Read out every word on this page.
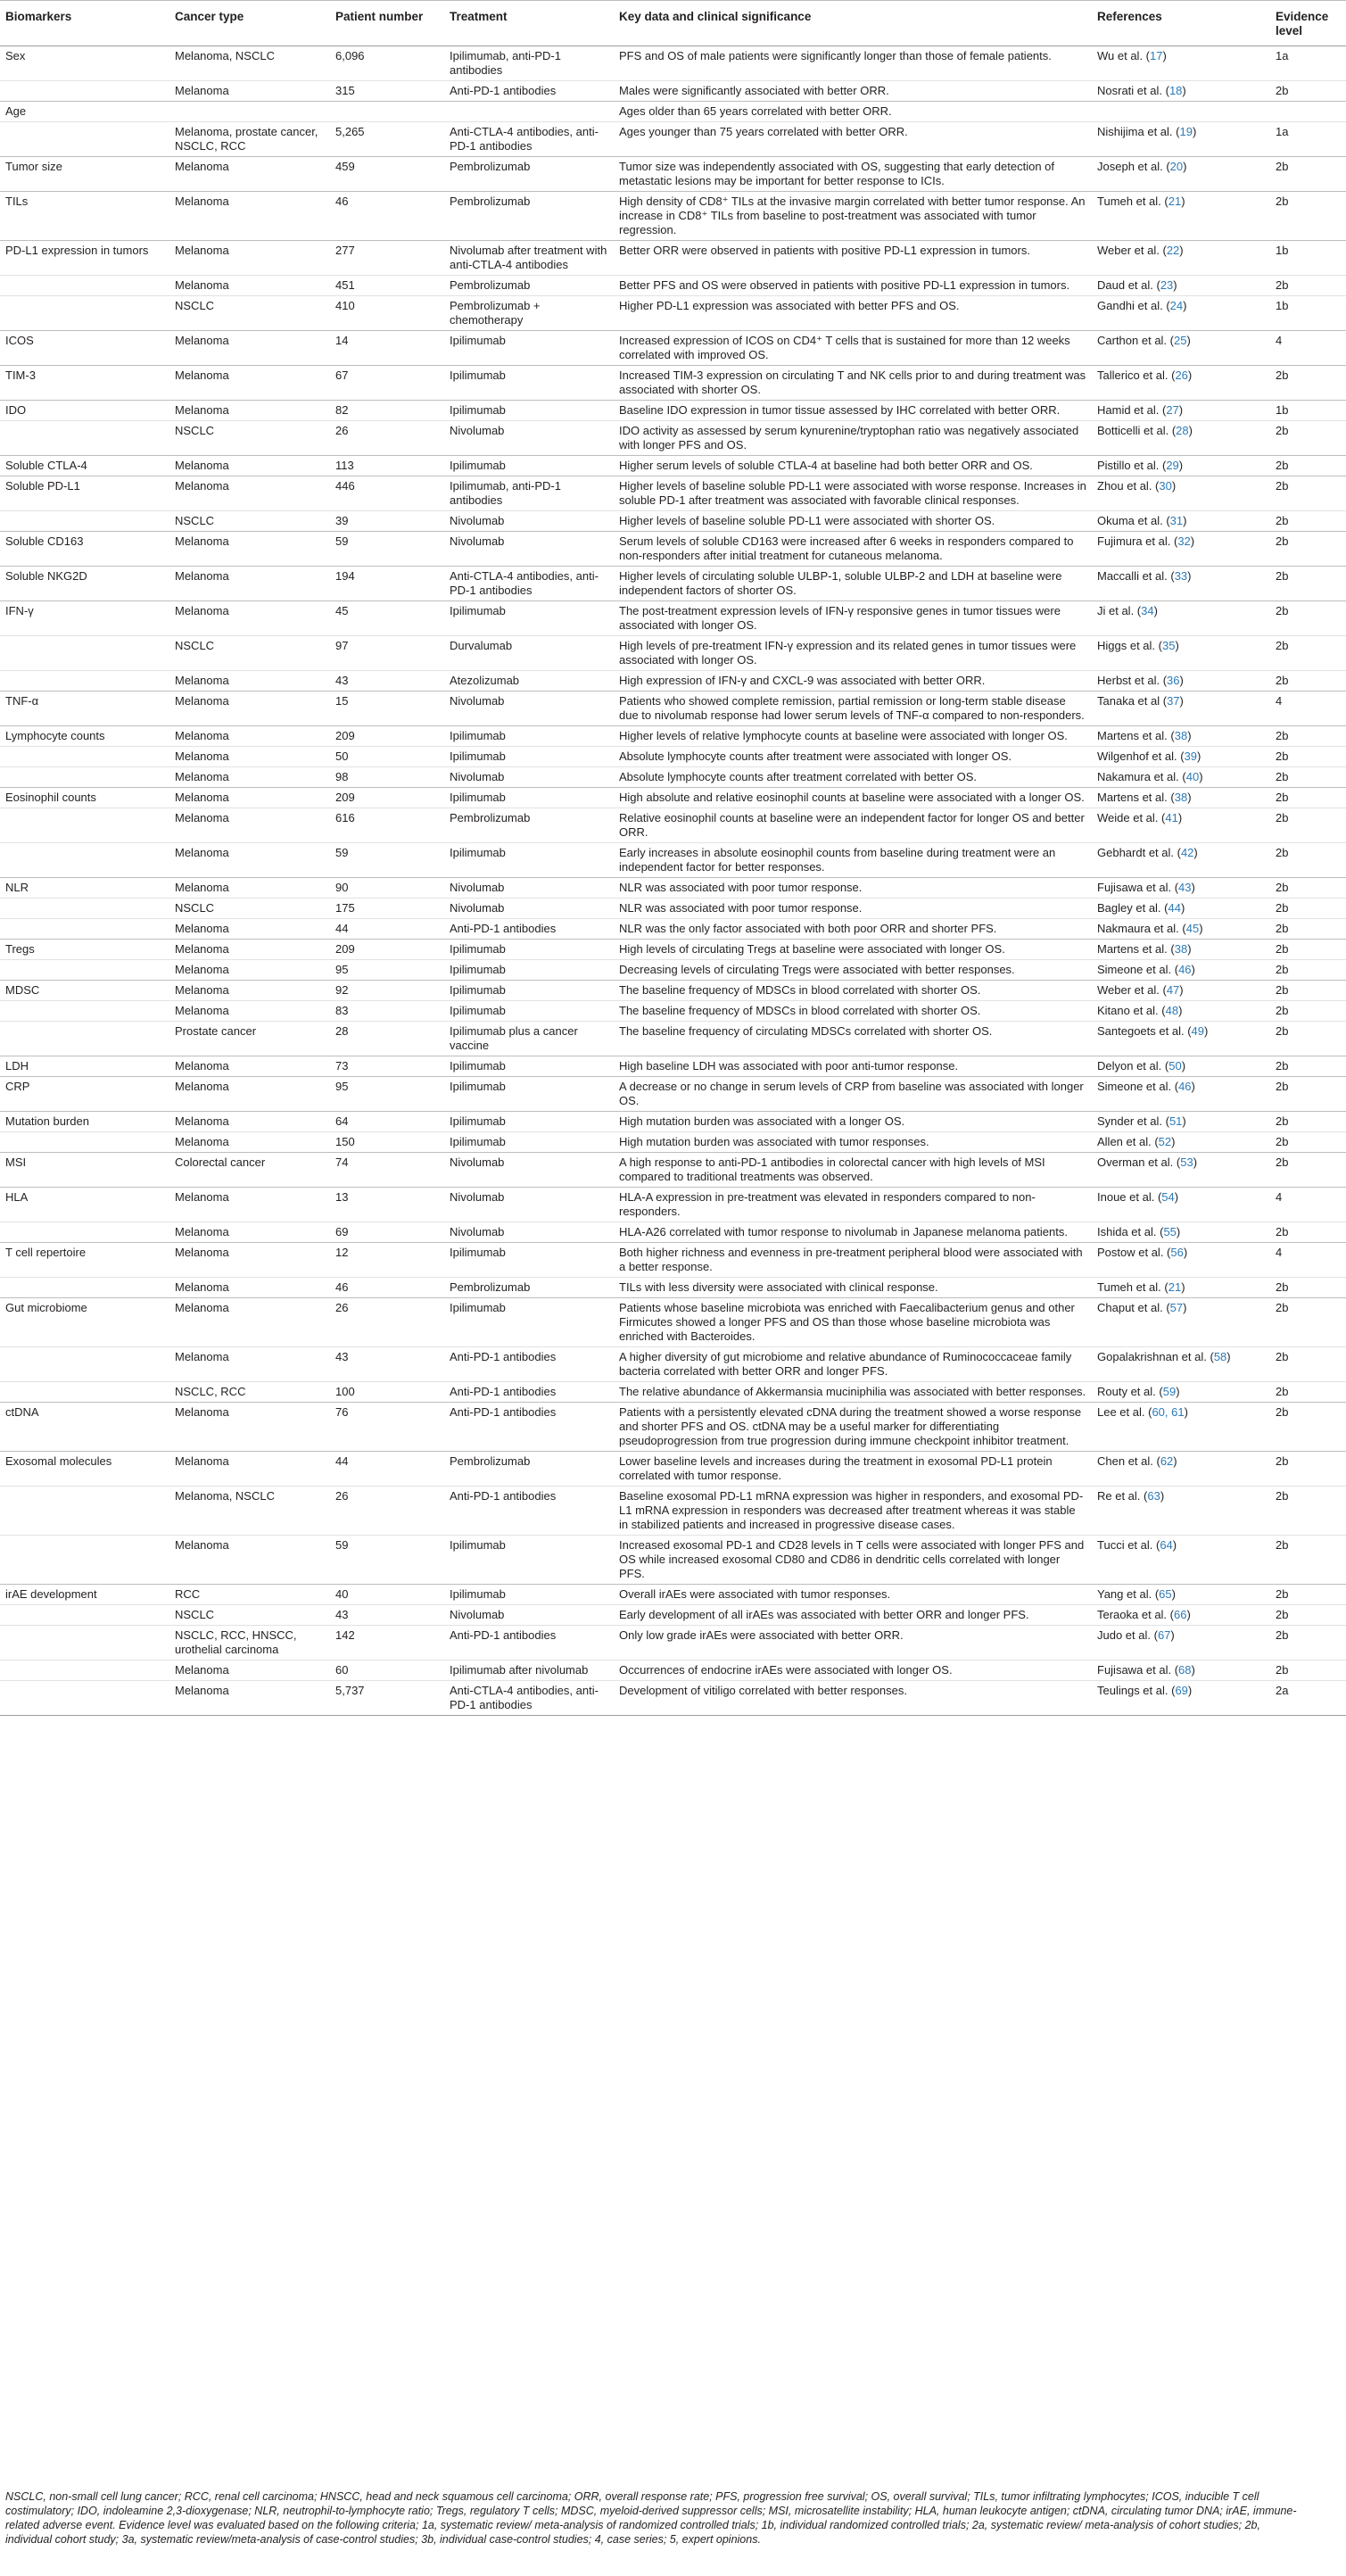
Biomarkers	Cancer type	Patient number	Treatment	Key data and clinical significance	References	Evidence level
Sex	Melanoma, NSCLC	6,096	Ipilimumab, anti-PD-1 antibodies	PFS and OS of male patients were significantly longer than those of female patients.	Wu et al. (17)	1a
	Melanoma	315	Anti-PD-1 antibodies	Males were significantly associated with better ORR.	Nosrati et al. (18)	2b
Age				Ages older than 65 years correlated with better ORR.		
	Melanoma, prostate cancer, NSCLC, RCC	5,265	Anti-CTLA-4 antibodies, anti-PD-1 antibodies	Ages younger than 75 years correlated with better ORR.	Nishijima et al. (19)	1a
Tumor size	Melanoma	459	Pembrolizumab	Tumor size was independently associated with OS, suggesting that early detection of metastatic lesions may be important for better response to ICIs.	Joseph et al. (20)	2b
TILs	Melanoma	46	Pembrolizumab	High density of CD8⁺ TILs at the invasive margin correlated with better tumor response. An increase in CD8⁺ TILs from baseline to post-treatment was associated with tumor regression.	Tumeh et al. (21)	2b
PD-L1 expression in tumors	Melanoma	277	Nivolumab after treatment with anti-CTLA-4 antibodies	Better ORR were observed in patients with positive PD-L1 expression in tumors.	Weber et al. (22)	1b
	Melanoma	451	Pembrolizumab	Better PFS and OS were observed in patients with positive PD-L1 expression in tumors.	Daud et al. (23)	2b
	NSCLC	410	Pembrolizumab + chemotherapy	Higher PD-L1 expression was associated with better PFS and OS.	Gandhi et al. (24)	1b
ICOS	Melanoma	14	Ipilimumab	Increased expression of ICOS on CD4⁺ T cells that is sustained for more than 12 weeks correlated with improved OS.	Carthon et al. (25)	4
TIM-3	Melanoma	67	Ipilimumab	Increased TIM-3 expression on circulating T and NK cells prior to and during treatment was associated with shorter OS.	Tallerico et al. (26)	2b
IDO	Melanoma	82	Ipilimumab	Baseline IDO expression in tumor tissue assessed by IHC correlated with better ORR.	Hamid et al. (27)	1b
	NSCLC	26	Nivolumab	IDO activity as assessed by serum kynurenine/tryptophan ratio was negatively associated with longer PFS and OS.	Botticelli et al. (28)	2b
Soluble CTLA-4	Melanoma	113	Ipilimumab	Higher serum levels of soluble CTLA-4 at baseline had both better ORR and OS.	Pistillo et al. (29)	2b
Soluble PD-L1	Melanoma	446	Ipilimumab, anti-PD-1 antibodies	Higher levels of baseline soluble PD-L1 were associated with worse response. Increases in soluble PD-1 after treatment was associated with favorable clinical responses.	Zhou et al. (30)	2b
	NSCLC	39	Nivolumab	Higher levels of baseline soluble PD-L1 were associated with shorter OS.	Okuma et al. (31)	2b
Soluble CD163	Melanoma	59	Nivolumab	Serum levels of soluble CD163 were increased after 6 weeks in responders compared to non-responders after initial treatment for cutaneous melanoma.	Fujimura et al. (32)	2b
Soluble NKG2D	Melanoma	194	Anti-CTLA-4 antibodies, anti-PD-1 antibodies	Higher levels of circulating soluble ULBP-1, soluble ULBP-2 and LDH at baseline were independent factors of shorter OS.	Maccalli et al. (33)	2b
IFN-γ	Melanoma	45	Ipilimumab	The post-treatment expression levels of IFN-γ responsive genes in tumor tissues were associated with longer OS.	Ji et al. (34)	2b
	NSCLC	97	Durvalumab	High levels of pre-treatment IFN-γ expression and its related genes in tumor tissues were associated with longer OS.	Higgs et al. (35)	2b
	Melanoma	43	Atezolizumab	High expression of IFN-γ and CXCL-9 was associated with better ORR.	Herbst et al. (36)	2b
TNF-α	Melanoma	15	Nivolumab	Patients who showed complete remission, partial remission or long-term stable disease due to nivolumab response had lower serum levels of TNF-α compared to non-responders.	Tanaka et al (37)	4
Lymphocyte counts	Melanoma	209	Ipilimumab	Higher levels of relative lymphocyte counts at baseline were associated with longer OS.	Martens et al. (38)	2b
	Melanoma	50	Ipilimumab	Absolute lymphocyte counts after treatment were associated with longer OS.	Wilgenhof et al. (39)	2b
	Melanoma	98	Nivolumab	Absolute lymphocyte counts after treatment correlated with better OS.	Nakamura et al. (40)	2b
Eosinophil counts	Melanoma	209	Ipilimumab	High absolute and relative eosinophil counts at baseline were associated with a longer OS.	Martens et al. (38)	2b
	Melanoma	616	Pembrolizumab	Relative eosinophil counts at baseline were an independent factor for longer OS and better ORR.	Weide et al. (41)	2b
	Melanoma	59	Ipilimumab	Early increases in absolute eosinophil counts from baseline during treatment were an independent factor for better responses.	Gebhardt et al. (42)	2b
NLR	Melanoma	90	Nivolumab	NLR was associated with poor tumor response.	Fujisawa et al. (43)	2b
	NSCLC	175	Nivolumab	NLR was associated with poor tumor response.	Bagley et al. (44)	2b
	Melanoma	44	Anti-PD-1 antibodies	NLR was the only factor associated with both poor ORR and shorter PFS.	Nakmaura et al. (45)	2b
Tregs	Melanoma	209	Ipilimumab	High levels of circulating Tregs at baseline were associated with longer OS.	Martens et al. (38)	2b
	Melanoma	95	Ipilimumab	Decreasing levels of circulating Tregs were associated with better responses.	Simeone et al. (46)	2b
MDSC	Melanoma	92	Ipilimumab	The baseline frequency of MDSCs in blood correlated with shorter OS.	Weber et al. (47)	2b
	Melanoma	83	Ipilimumab	The baseline frequency of MDSCs in blood correlated with shorter OS.	Kitano et al. (48)	2b
	Prostate cancer	28	Ipilimumab plus a cancer vaccine	The baseline frequency of circulating MDSCs correlated with shorter OS.	Santegoets et al. (49)	2b
LDH	Melanoma	73	Ipilimumab	High baseline LDH was associated with poor anti-tumor response.	Delyon et al. (50)	2b
CRP	Melanoma	95	Ipilimumab	A decrease or no change in serum levels of CRP from baseline was associated with longer OS.	Simeone et al. (46)	2b
Mutation burden	Melanoma	64	Ipilimumab	High mutation burden was associated with a longer OS.	Synder et al. (51)	2b
	Melanoma	150	Ipilimumab	High mutation burden was associated with tumor responses.	Allen et al. (52)	2b
MSI	Colorectal cancer	74	Nivolumab	A high response to anti-PD-1 antibodies in colorectal cancer with high levels of MSI compared to traditional treatments was observed.	Overman et al. (53)	2b
HLA	Melanoma	13	Nivolumab	HLA-A expression in pre-treatment was elevated in responders compared to non-responders.	Inoue et al. (54)	4
	Melanoma	69	Nivolumab	HLA-A26 correlated with tumor response to nivolumab in Japanese melanoma patients.	Ishida et al. (55)	2b
T cell repertoire	Melanoma	12	Ipilimumab	Both higher richness and evenness in pre-treatment peripheral blood were associated with a better response.	Postow et al. (56)	4
	Melanoma	46	Pembrolizumab	TILs with less diversity were associated with clinical response.	Tumeh et al. (21)	2b
Gut microbiome	Melanoma	26	Ipilimumab	Patients whose baseline microbiota was enriched with Faecalibacterium genus and other Firmicutes showed a longer PFS and OS than those whose baseline microbiota was enriched with Bacteroides.	Chaput et al. (57)	2b
	Melanoma	43	Anti-PD-1 antibodies	A higher diversity of gut microbiome and relative abundance of Ruminococcaceae family bacteria correlated with better ORR and longer PFS.	Gopalakrishnan et al. (58)	2b
	NSCLC, RCC	100	Anti-PD-1 antibodies	The relative abundance of Akkermansia muciniphilia was associated with better responses.	Routy et al. (59)	2b
ctDNA	Melanoma	76	Anti-PD-1 antibodies	Patients with a persistently elevated cDNA during the treatment showed a worse response and shorter PFS and OS. ctDNA may be a useful marker for differentiating pseudoprogression from true progression during immune checkpoint inhibitor treatment.	Lee et al. (60, 61)	2b
Exosomal molecules	Melanoma	44	Pembrolizumab	Lower baseline levels and increases during the treatment in exosomal PD-L1 protein correlated with tumor response.	Chen et al. (62)	2b
	Melanoma, NSCLC	26	Anti-PD-1 antibodies	Baseline exosomal PD-L1 mRNA expression was higher in responders, and exosomal PD-L1 mRNA expression in responders was decreased after treatment whereas it was stable in stabilized patients and increased in progressive disease cases.	Re et al. (63)	2b
	Melanoma	59	Ipilimumab	Increased exosomal PD-1 and CD28 levels in T cells were associated with longer PFS and OS while increased exosomal CD80 and CD86 in dendritic cells correlated with longer PFS.	Tucci et al. (64)	2b
irAE development	RCC	40	Ipilimumab	Overall irAEs were associated with tumor responses.	Yang et al. (65)	2b
	NSCLC	43	Nivolumab	Early development of all irAEs was associated with better ORR and longer PFS.	Teraoka et al. (66)	2b
	NSCLC, RCC, HNSCC, urothelial carcinoma	142	Anti-PD-1 antibodies	Only low grade irAEs were associated with better ORR.	Judo et al. (67)	2b
	Melanoma	60	Ipilimumab after nivolumab	Occurrences of endocrine irAEs were associated with longer OS.	Fujisawa et al. (68)	2b
	Melanoma	5,737	Anti-CTLA-4 antibodies, anti-PD-1 antibodies	Development of vitiligo correlated with better responses.	Teulings et al. (69)	2a
NSCLC, non-small cell lung cancer; RCC, renal cell carcinoma; HNSCC, head and neck squamous cell carcinoma; ORR, overall response rate; PFS, progression free survival; OS, overall survival; TILs, tumor infiltrating lymphocytes; ICOS, inducible T cell costimulatory; IDO, indoleamine 2,3-dioxygenase; NLR, neutrophil-to-lymphocyte ratio; Tregs, regulatory T cells; MDSC, myeloid-derived suppressor cells; MSI, microsatellite instability; HLA, human leukocyte antigen; ctDNA, circulating tumor DNA; irAE, immune-related adverse event. Evidence level was evaluated based on the following criteria; 1a, systematic review/ meta-analysis of randomized controlled trials; 1b, individual randomized controlled trials; 2a, systematic review/ meta-analysis of cohort studies; 2b, individual cohort study; 3a, systematic review/meta-analysis of case-control studies; 3b, individual case-control studies; 4, case series; 5, expert opinions.
